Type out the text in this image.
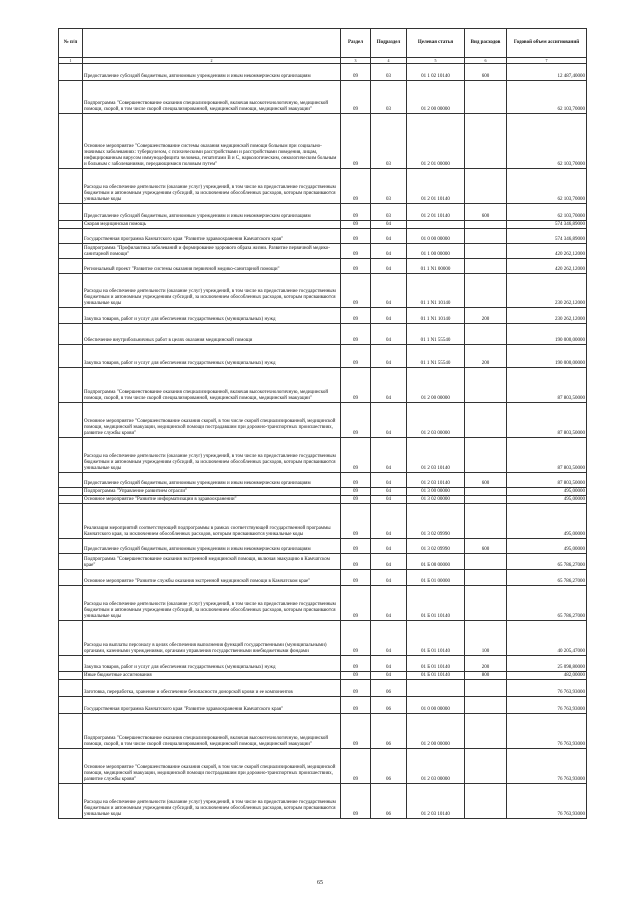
№ п/п		Раздел	Подраздел	Целевая статья	Вид расходов	Годовой объем ассигнований
1	2	3	4	5	6	7
	Предоставление субсидий бюджетным, автономным учреждениям и иным некоммерческим организациям	09	03	01 1 02 10140	600	12 487,40000
	Подпрограмма "Совершенствование оказания специализированной, включая высокотехнологичную, медицинской помощи, скорой, в том числе скорой специализированной, медицинской помощи, медицинской эвакуации"	09	03	01 2 00 00000		62 103,70000
	Основное мероприятие "Совершенствование системы оказания медицинской помощи больным при социально-значимых заболеваниях: туберкулезом, с психическими расстройствами и расстройствами поведения, лицам, инфицированным вирусом иммунодефицита человека, гепатитами В и С, наркологическим, онкологическим больным и больным с заболеваниями, передающимися половым путем"	09	03	01 2 01 00000		62 103,70000
	Расходы на обеспечение деятельности (оказание услуг) учреждений, в том числе на предоставление государственным бюджетным и автономным учреждениям субсидий, за исключением обособленных расходов, которым присваиваются уникальные коды	09	03	01 2 01 10140		62 103,70000
	Предоставление субсидий бюджетным, автономным учреждениям и иным некоммерческим организациям	09	03	01 2 01 10140	600	62 103,70000
	Скорая медицинская помощь	09	04			574 346,89000
	Государственная программа Камчатского края "Развитие здравоохранения Камчатского края"	09	04	01 0 00 00000		574 346,89000
	Подпрограмма "Профилактика заболеваний и формирование здорового образа жизни. Развитие первичной медико-санитарной помощи"	09	04	01 1 00 00000		420 262,12000
	Региональный проект "Развитие системы оказания первичной медико-санитарной помощи"	09	04	01 1 N1 00000		420 262,12000
	Расходы на обеспечение деятельности (оказание услуг) учреждений, в том числе на предоставление государственным бюджетным и автономным учреждениям субсидий, за исключением обособленных расходов, которым присваиваются уникальные коды	09	04	01 1 N1 10140		230 262,12000
	Закупка товаров, работ и услуг для обеспечения государственных (муниципальных) нужд	09	04	01 1 N1 10140	200	230 262,12000
	Обеспечение внутрибольничных работ в целях оказания медицинской помощи	09	04	01 1 N1 55540		190 000,00000
	Закупка товаров, работ и услуг для обеспечения государственных (муниципальных) нужд	09	04	01 1 N1 55540	200	190 000,00000
	Подпрограмма "Совершенствование оказания специализированной, включая высокотехнологичную, медицинской помощи, скорой, в том числе скорой специализированной, медицинской помощи, медицинской эвакуации"	09	04	01 2 00 00000		87 803,50000
	Основное мероприятие "Совершенствование оказания скорой, в том числе скорой специализированной, медицинской помощи, медицинской эвакуации, медицинской помощи пострадавшим при дорожно-транспортных происшествиях, развитие службы крови"	09	04	01 2 03 00000		87 803,50000
	Расходы на обеспечение деятельности (оказание услуг) учреждений, в том числе на предоставление государственным бюджетным и автономным учреждениям субсидий, за исключением обособленных расходов, которым присваиваются уникальные коды	09	04	01 2 03 10140		87 803,50000
	Предоставление субсидий бюджетным, автономным учреждениям и иным некоммерческим организациям	09	04	01 2 03 10140	600	87 803,50000
	Подпрограмма "Управление развитием отрасли"	09	04	01 3 00 00000		495,00000
	Основное мероприятие "Развитие информатизации в здравоохранении"	09	04	01 3 02 00000		495,00000
	Реализация мероприятий соответствующей подпрограммы в рамках соответствующей государственной программы Камчатского края, за исключением обособленных расходов, которым присваиваются уникальные коды	09	04	01 3 02 09990		495,00000
	Предоставление субсидий бюджетным, автономным учреждениям и иным некоммерческим организациям	09	04	01 3 02 09990	600	495,00000
	Подпрограмма "Совершенствование оказания экстренной медицинской помощи, включая эвакуацию в Камчатском крае"	09	04	01 Б 00 00000		65 786,27000
	Основное мероприятие "Развитие службы оказания экстренной медицинской помощи в Камчатском крае"	09	04	01 Б 01 00000		65 786,27000
	Расходы на обеспечение деятельности (оказание услуг) учреждений, в том числе на предоставление государственным бюджетным и автономным учреждениям субсидий, за исключением обособленных расходов, которым присваиваются уникальные коды	09	04	01 Б 01 10140		65 786,27000
	Расходы на выплаты персоналу в целях обеспечения выполнения функций государственными (муниципальными) органами, казенными учреждениями, органами управления государственными внебюджетными фондами	09	04	01 Б 01 10140	100	40 205,47000
	Закупка товаров, работ и услуг для обеспечения государственных (муниципальных) нужд	09	04	01 Б 01 10140	200	25 098,80000
	Иные бюджетные ассигнования	09	04	01 Б 01 10140	800	482,00000
	Заготовка, переработка, хранение и обеспечение безопасности донорской крови и ее компонентов	09	06			76 763,93000
	Государственная программа Камчатского края "Развитие здравоохранения Камчатского края"	09	06	01 0 00 00000		76 763,93000
	Подпрограмма "Совершенствование оказания специализированной, включая высокотехнологичную, медицинской помощи, скорой, в том числе скорой специализированной, медицинской помощи, медицинской эвакуации"	09	06	01 2 00 00000		76 763,93000
	Основное мероприятие "Совершенствование оказания скорой, в том числе скорой специализированной, медицинской помощи, медицинской эвакуации, медицинской помощи пострадавшим при дорожно-транспортных происшествиях, развитие службы крови"	09	06	01 2 03 00000		76 763,93000
	Расходы на обеспечение деятельности (оказание услуг) учреждений, в том числе на предоставление государственным бюджетным и автономным учреждениям субсидий, за исключением обособленных расходов, которым присваиваются уникальные коды	09	06	01 2 03 10140		76 763,93000
65
